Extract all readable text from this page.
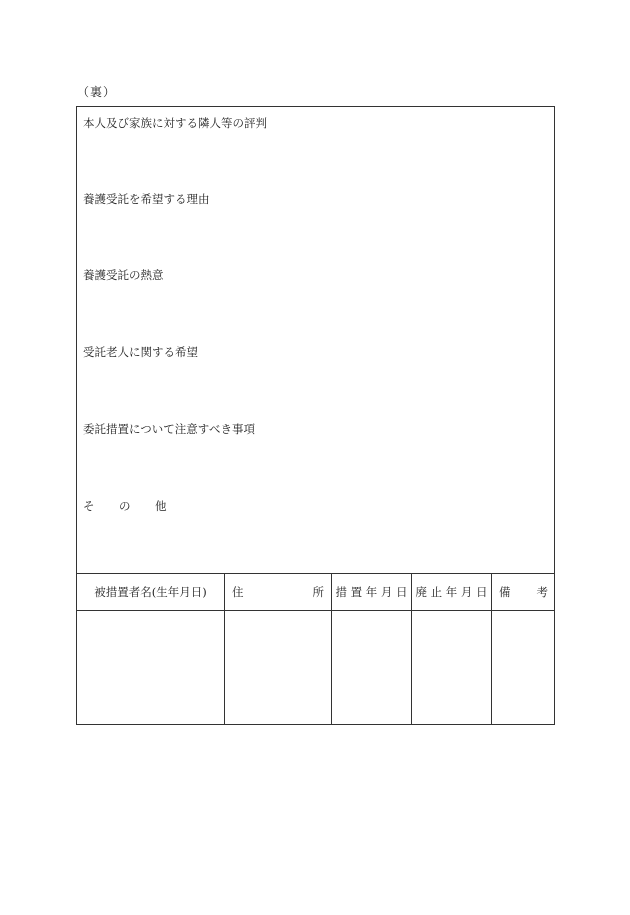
（裏）
本人及び家族に対する隣人等の評判
養護受託を希望する理由
養護受託の熱意
受託老人に関する希望
委託措置について注意すべき事項
そ の 他
被措置者名(生年月日)	住	所 措 置 年 月 日 廃 止 年 月 日 備 考
